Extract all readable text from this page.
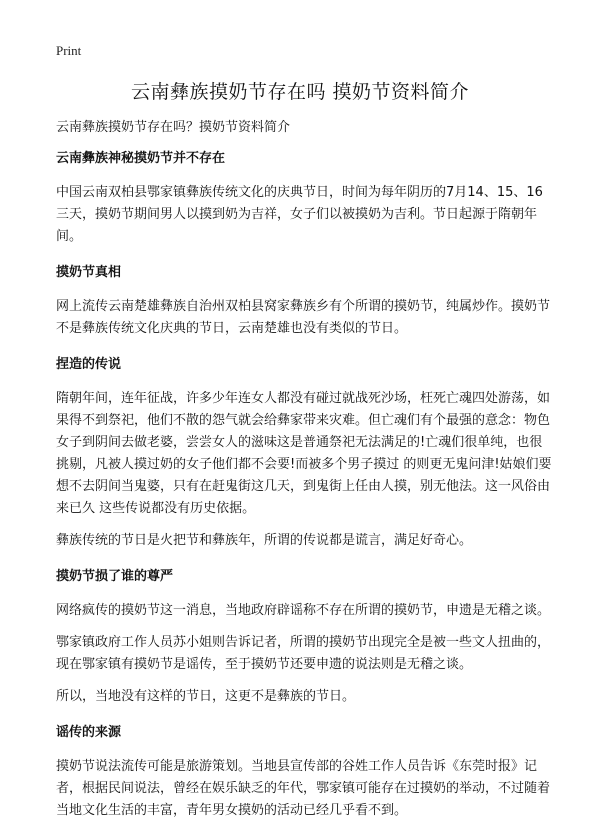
Print
云南彝族摸奶节存在吗 摸奶节资料简介
云南彝族摸奶节存在吗？摸奶节资料简介
云南彝族神秘摸奶节并不存在

中国云南双柏县鄂家镇彝族传统文化的庆典节日，时间为每年阴历的7月14、15、16三天，摸奶节期间男人以摸到奶为吉祥，女子们以被摸奶为吉利。节日起源于隋朝年间。

摸奶节真相

网上流传云南楚雄彝族自治州双柏县窝家彝族乡有个所谓的摸奶节，纯属炒作。摸奶节不是彝族传统文化庆典的节日，云南楚雄也没有类似的节日。

捏造的传说

隋朝年间，连年征战，许多少年连女人都没有碰过就战死沙场，枉死亡魂四处游荡，如果得不到祭祀，他们不散的怨气就会给彝家带来灾难。但亡魂们有个最强的意念：物色女子到阴间去做老婆，尝尝女人的滋味这是普通祭祀无法满足的!亡魂们很单纯，也很挑剔，凡被人摸过奶的女子他们都不会要!而被多个男子摸过 的则更无鬼问津!姑娘们要想不去阴间当鬼婆，只有在赶鬼街这几天，到鬼街上任由人摸，别无他法。这一风俗由来已久 这些传说都没有历史依据。

彝族传统的节日是火把节和彝族年，所谓的传说都是谎言，满足好奇心。

摸奶节损了谁的尊严

网络疯传的摸奶节这一消息，当地政府辟谣称不存在所谓的摸奶节，申遗是无稽之谈。

鄂家镇政府工作人员苏小姐则告诉记者，所谓的摸奶节出现完全是被一些文人扭曲的，现在鄂家镇有摸奶节是谣传，至于摸奶节还要申遗的说法则是无稽之谈。

所以，当地没有这样的节日，这更不是彝族的节日。

谣传的来源

摸奶节说法流传可能是旅游策划。当地县宣传部的谷姓工作人员告诉《东莞时报》记者，根据民间说法，曾经在娱乐缺乏的年代，鄂家镇可能存在过摸奶的举动，不过随着当地文化生活的丰富，青年男女摸奶的活动已经几乎看不到。
